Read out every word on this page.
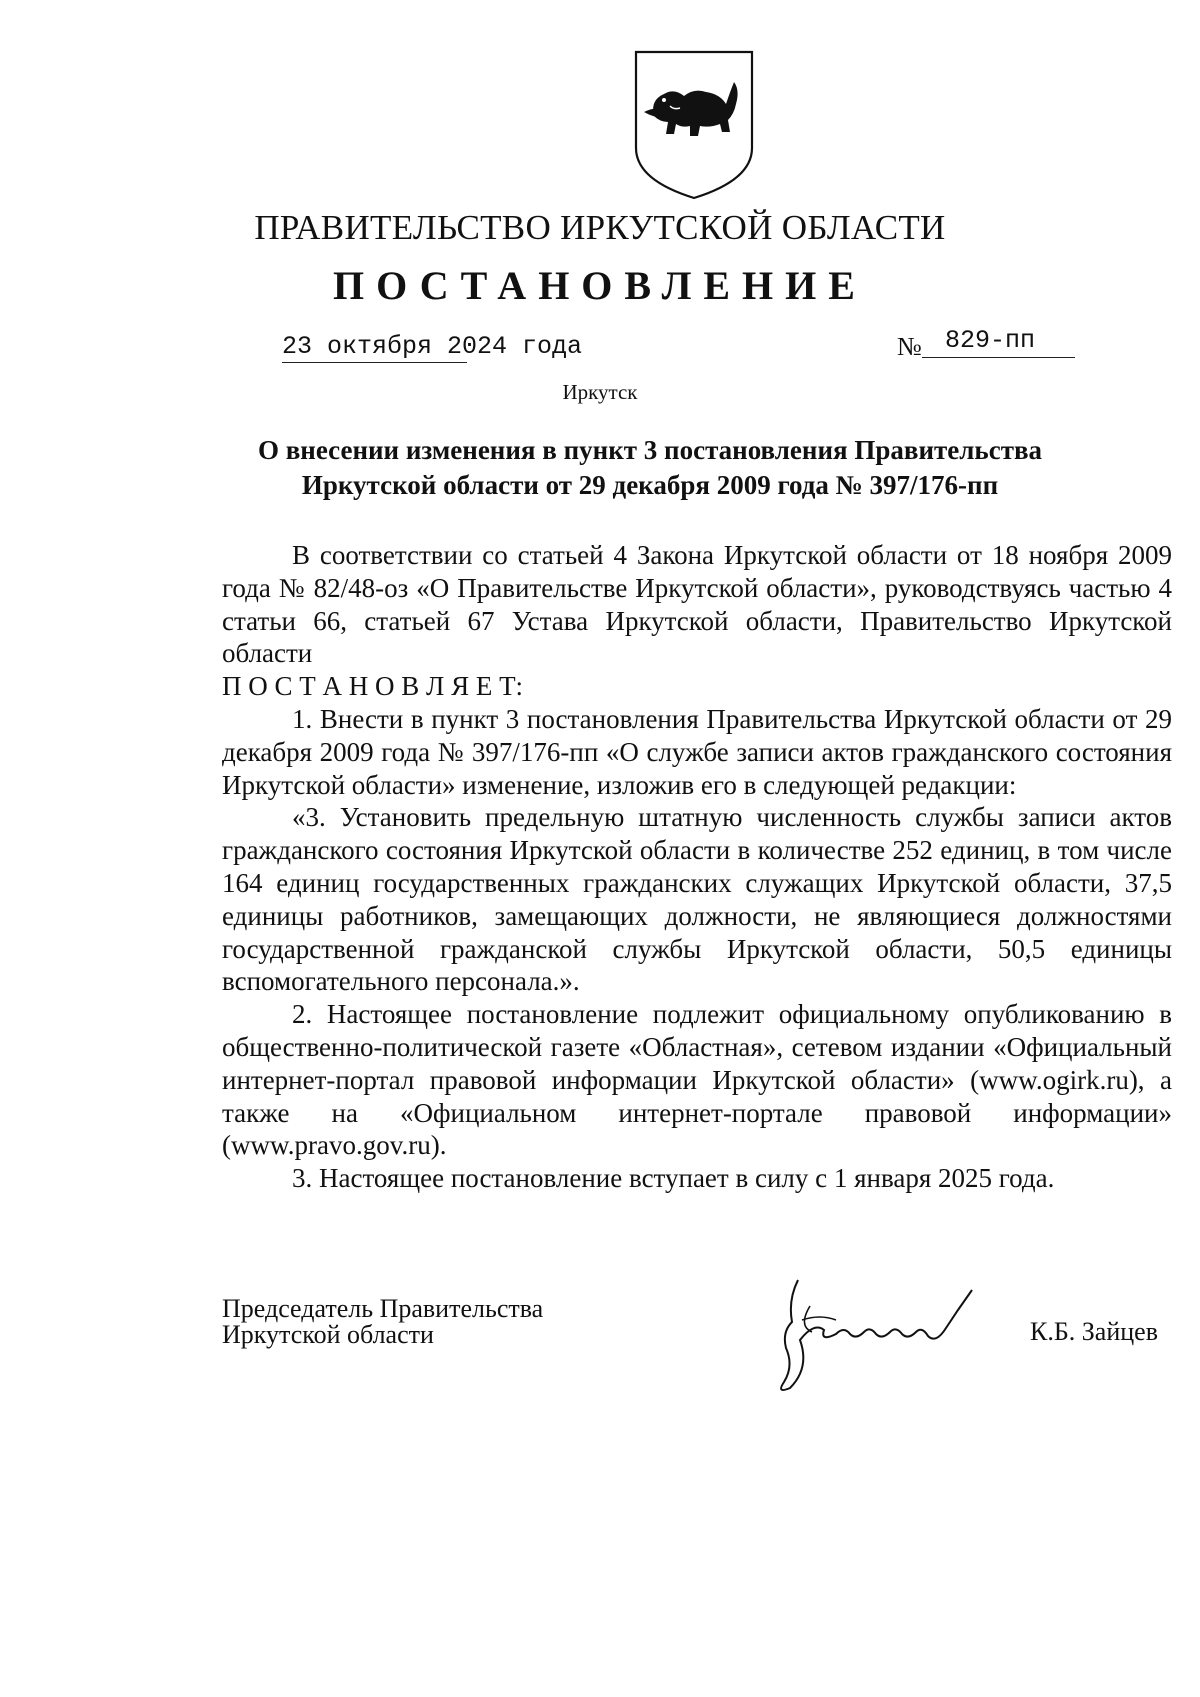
ПРАВИТЕЛЬСТВО ИРКУТСКОЙ ОБЛАСТИ
ПОСТАНОВЛЕНИЕ
23 октября 2024 года	№ 829-пп
Иркутск
О внесении изменения в пункт 3 постановления Правительства
Иркутской области от 29 декабря 2009 года № 397/176-пп

В соответствии со статьей 4 Закона Иркутской области от 18 ноября 2009 года № 82/48-оз «О Правительстве Иркутской области», руководствуясь частью 4 статьи 66, статьей 67 Устава Иркутской области, Правительство Иркутской области

П О С Т А Н О В Л Я Е Т:

1. Внести в пункт 3 постановления Правительства Иркутской области от 29 декабря 2009 года № 397/176-пп «О службе записи актов гражданского состояния Иркутской области» изменение, изложив его в следующей редакции:

«3. Установить предельную штатную численность службы записи актов гражданского состояния Иркутской области в количестве 252 единиц, в том числе 164 единиц государственных гражданских служащих Иркутской области, 37,5 единицы работников, замещающих должности, не являющиеся должностями государственной гражданской службы Иркутской области, 50,5 единицы вспомогательного персонала.».

2. Настоящее постановление подлежит официальному опубликованию в общественно-политической газете «Областная», сетевом издании «Официальный интернет-портал правовой информации Иркутской области» (www.ogirk.ru), а также на «Официальном интернет-портале правовой информации» (www.pravo.gov.ru).

3. Настоящее постановление вступает в силу с 1 января 2025 года.

Председатель Правительства
Иркутской области	К.Б. Зайцев
